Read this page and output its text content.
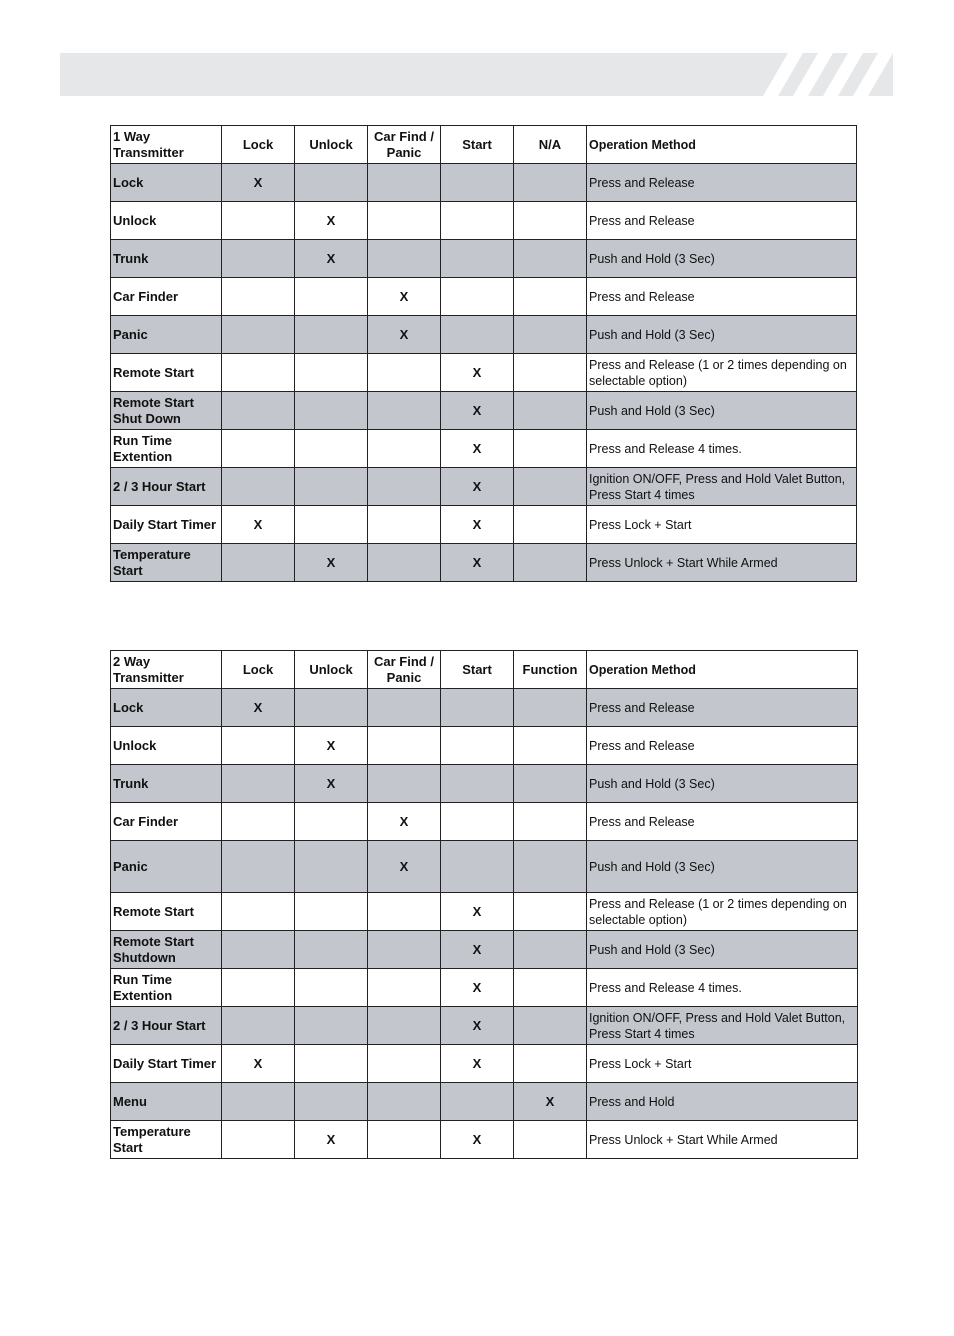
1 Way Transmitter	Lock	Unlock	Car Find / Panic	Start	N/A	Operation Method
Lock	X					Press and Release
Unlock		X				Press and Release
Trunk		X				Push and Hold (3 Sec)
Car Finder			X			Press and Release
Panic			X			Push and Hold (3 Sec)
Remote Start				X		Press and Release (1 or 2 times depending on selectable option)
Remote Start Shut Down				X		Push and Hold (3 Sec)
Run Time Extention				X		Press and Release 4 times.
2 / 3 Hour Start				X		Ignition ON/OFF, Press and Hold Valet Button, Press Start 4 times
Daily Start Timer	X			X		Press Lock + Start
Temperature Start		X		X		Press Unlock + Start While Armed
2 Way Transmitter	Lock	Unlock	Car Find / Panic	Start	Function	Operation Method
Lock	X					Press and Release
Unlock		X				Press and Release
Trunk		X				Push and Hold (3 Sec)
Car Finder			X			Press and Release
Panic			X			Push and Hold (3 Sec)
Remote Start				X		Press and Release (1 or 2 times depending on selectable option)
Remote Start Shutdown				X		Push and Hold (3 Sec)
Run Time Extention				X		Press and Release 4 times.
2 / 3 Hour Start				X		Ignition ON/OFF, Press and Hold Valet Button, Press Start 4 times
Daily Start Timer	X			X		Press Lock + Start
Menu					X	Press and Hold
Temperature Start		X		X		Press Unlock + Start While Armed
